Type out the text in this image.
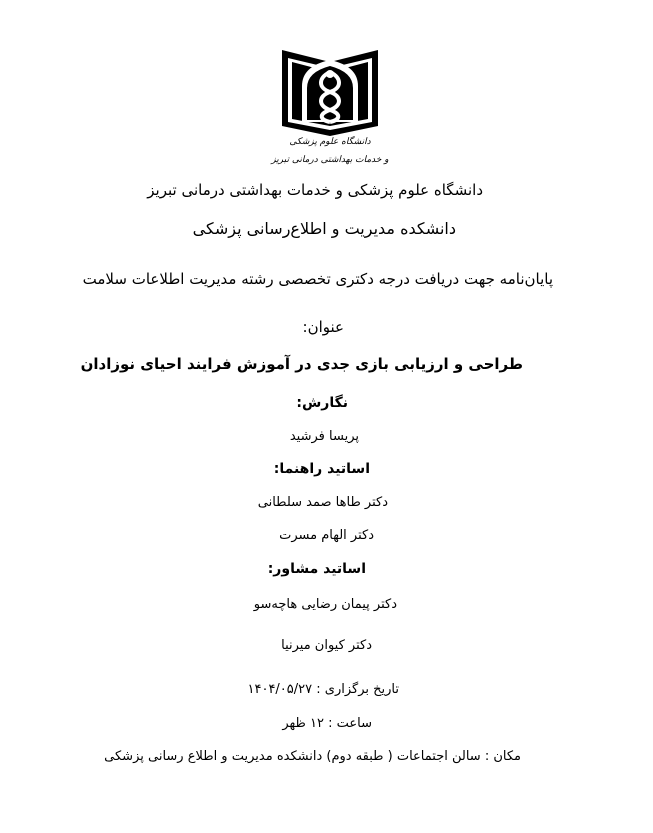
دانشگاه علوم پزشکی
و خدمات بهداشتی درمانی تبریز
دانشگاه علوم پزشکی و خدمات بهداشتی درمانی تبریز
دانشکده مدیریت و اطلاع‌رسانی پزشکی
پایان‌نامه جهت دریافت درجه دکتری تخصصی رشته مدیریت اطلاعات سلامت
عنوان:
طراحی و ارزیابی بازی جدی در آموزش فرایند احیای نوزادان
نگارش:
پریسا فرشید
اساتید راهنما:
دکتر طاها صمد سلطانی
دکتر الهام مسرت
اساتید مشاور:
دکتر پیمان رضایی هاچه‌سو
دکتر کیوان میرنیا
تاریخ برگزاری : ۱۴۰۴/۰۵/۲۷
ساعت : ۱۲ ظهر
مکان : سالن اجتماعات ( طبقه دوم) دانشکده مدیریت و اطلاع رسانی پزشکی
